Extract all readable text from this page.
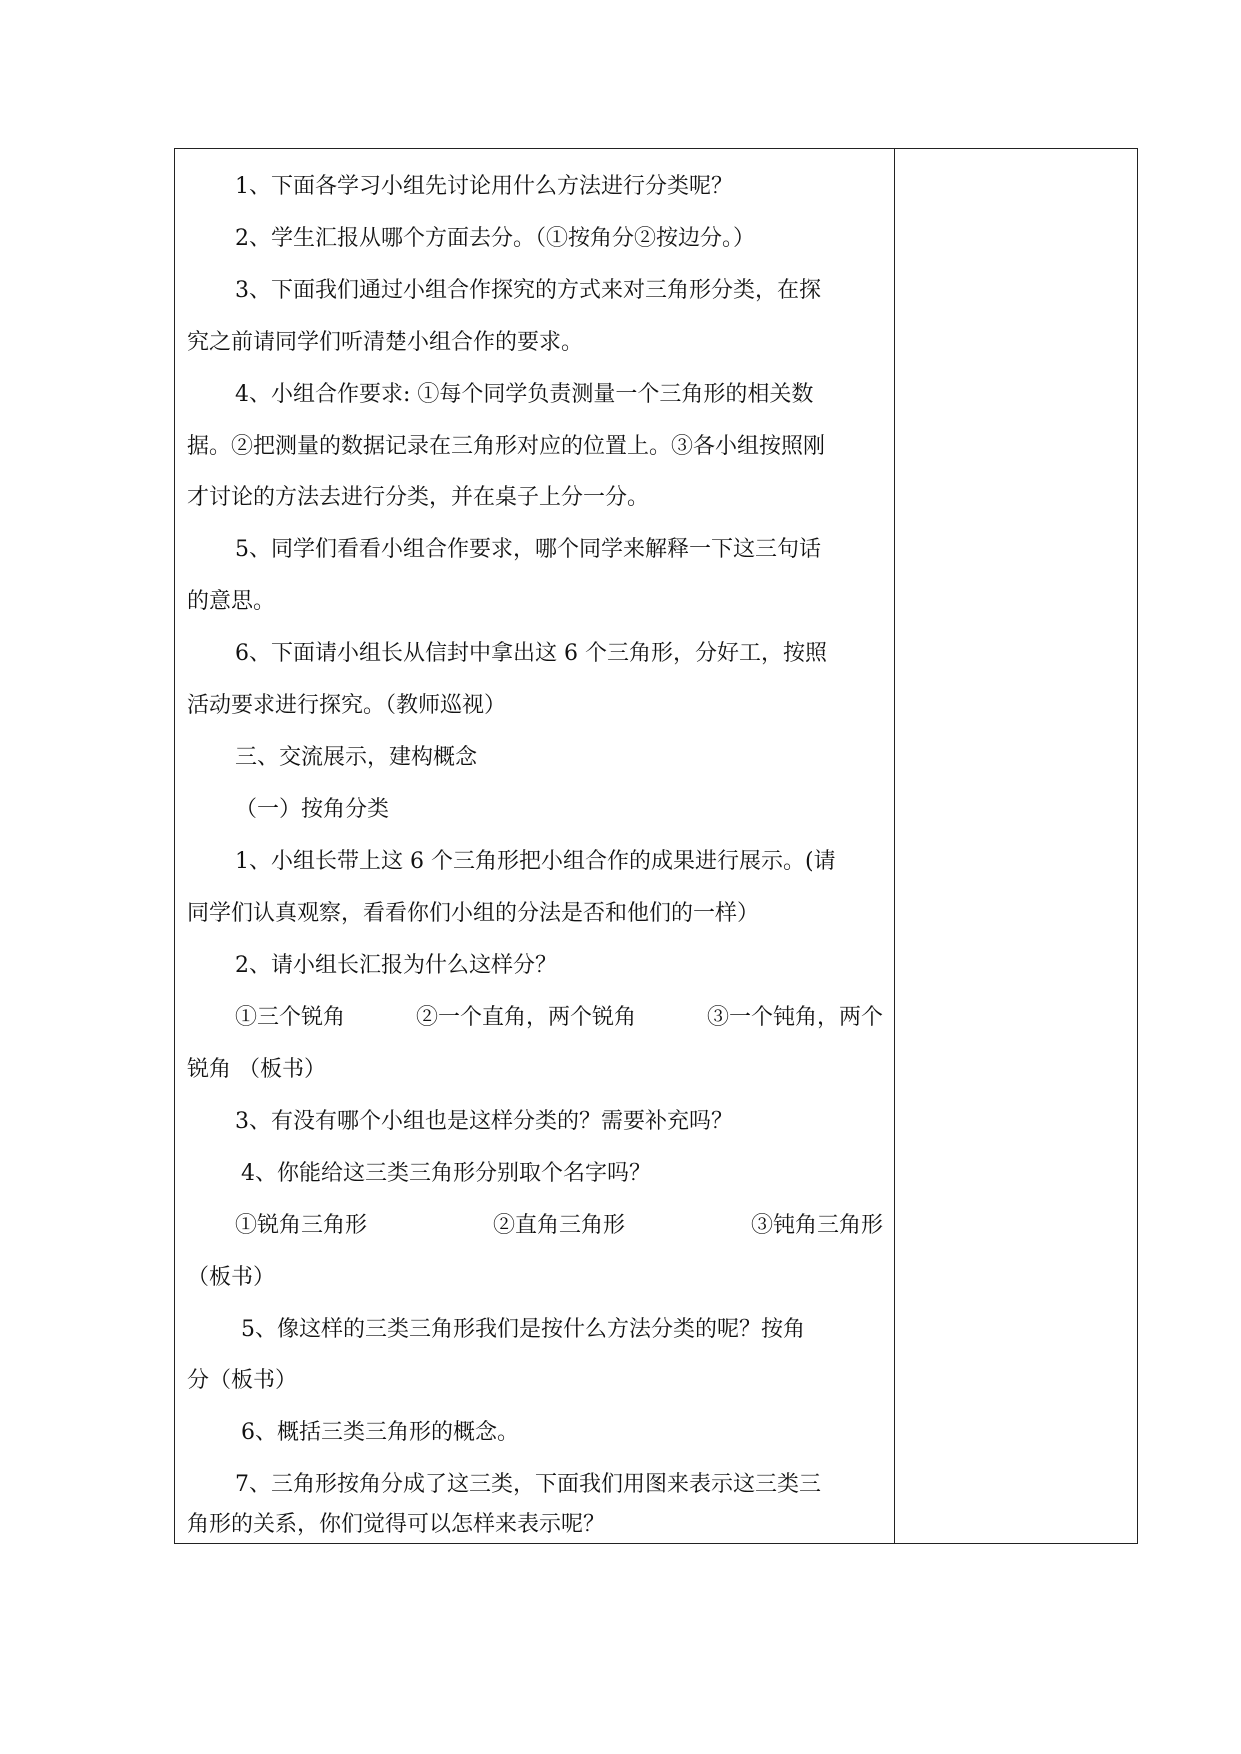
1、下面各学习小组先讨论用什么方法进行分类呢？
2、学生汇报从哪个方面去分。（①按角分②按边分。）
3、下面我们通过小组合作探究的方式来对三角形分类，在探
究之前请同学们听清楚小组合作的要求。
4、小组合作要求: ①每个同学负责测量一个三角形的相关数
据。②把测量的数据记录在三角形对应的位置上。③各小组按照刚
才讨论的方法去进行分类，并在桌子上分一分。
5、同学们看看小组合作要求，哪个同学来解释一下这三句话
的意思。
6、下面请小组长从信封中拿出这 6 个三角形，分好工，按照
活动要求进行探究。（教师巡视）
三、交流展示，建构概念
（一）按角分类
1、小组长带上这 6 个三角形把小组合作的成果进行展示。(请
同学们认真观察，看看你们小组的分法是否和他们的一样）
2、请小组长汇报为什么这样分？
①三个锐角	②一个直角，两个锐角	③一个钝角，两个
锐角 （板书）
3、有没有哪个小组也是这样分类的？需要补充吗？
4、你能给这三类三角形分别取个名字吗？
①锐角三角形	②直角三角形	③钝角三角形
（板书）
5、像这样的三类三角形我们是按什么方法分类的呢？按角
分（板书）
6、概括三类三角形的概念。
7、三角形按角分成了这三类，下面我们用图来表示这三类三
角形的关系，你们觉得可以怎样来表示呢？
